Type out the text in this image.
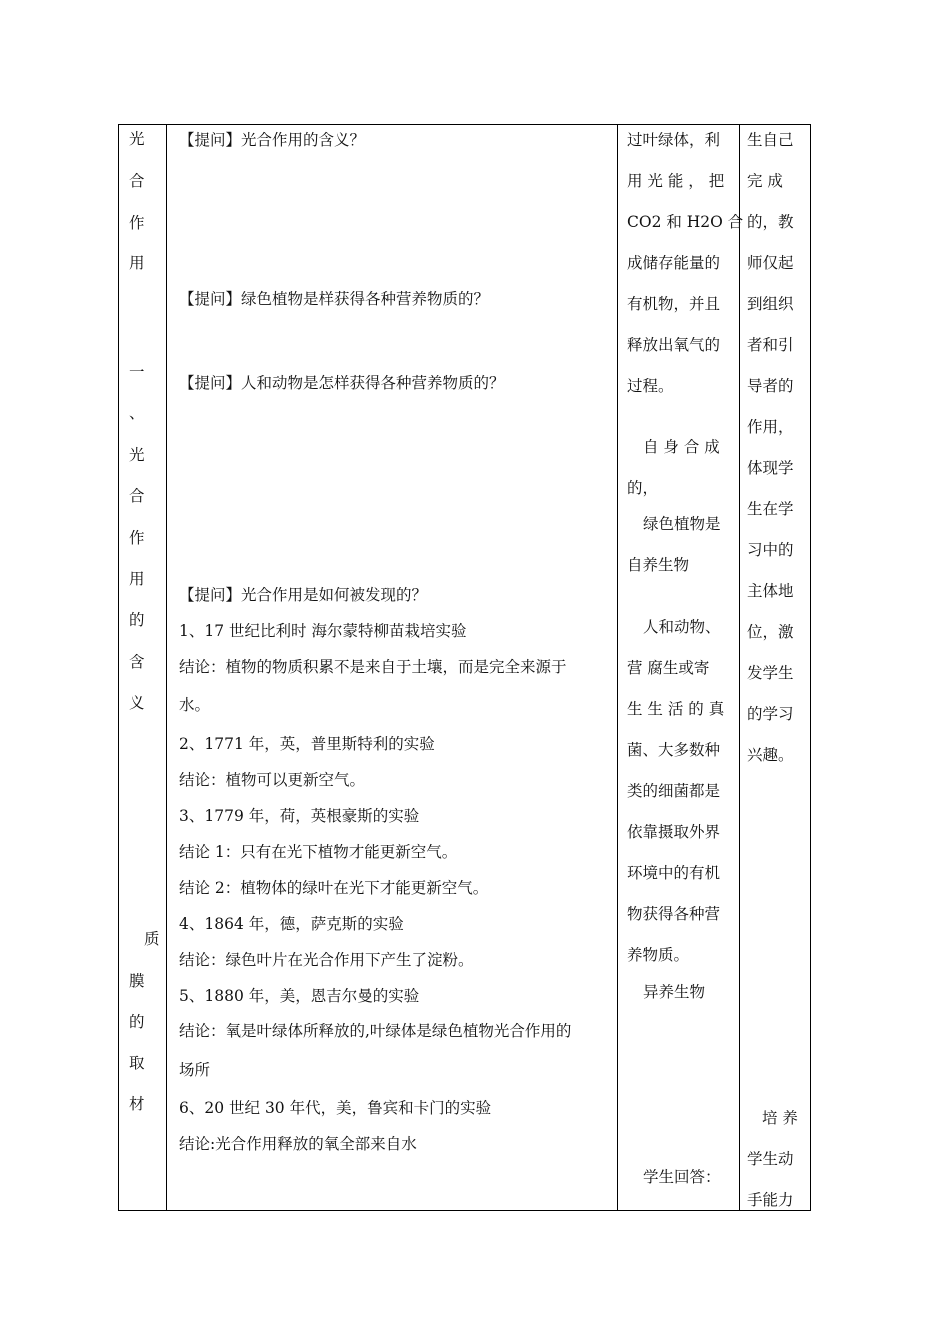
光
合
作
用
一
、
光
合
作
用
的
含
义
质
膜
的
取
材
【提问】光合作用的含义？
【提问】绿色植物是样获得各种营养物质的？
【提问】人和动物是怎样获得各种营养物质的？
【提问】光合作用是如何被发现的？
1、17 世纪比利时 海尔蒙特柳苗栽培实验
结论：植物的物质积累不是来自于土壤，而是完全来源于
水。
2、1771 年，英，普里斯特利的实验
结论：植物可以更新空气。
3、1779 年，荷，英根豪斯的实验
结论 1：只有在光下植物才能更新空气。
结论 2：植物体的绿叶在光下才能更新空气。
4、1864 年，德，萨克斯的实验
结论：绿色叶片在光合作用下产生了淀粉。
5、1880 年，美，恩吉尔曼的实验
结论：氧是叶绿体所释放的,叶绿体是绿色植物光合作用的
场所
6、20 世纪 30 年代，美，鲁宾和卡门的实验
结论:光合作用释放的氧全部来自水
过叶绿体，利
用 光 能 ， 把
CO2 和 H2O 合
成储存能量的
有机物，并且
释放出氧气的
过程。
自 身 合 成
的，
绿色植物是
自养生物
人和动物、
营 腐生或寄
生 生 活 的 真
菌、大多数种
类的细菌都是
依靠摄取外界
环境中的有机
物获得各种营
养物质。
异养生物
学生回答：
生自己
完 成
的，教
师仅起
到组织
者和引
导者的
作用，
体现学
生在学
习中的
主体地
位，激
发学生
的学习
兴趣。
培 养
学生动
手能力
